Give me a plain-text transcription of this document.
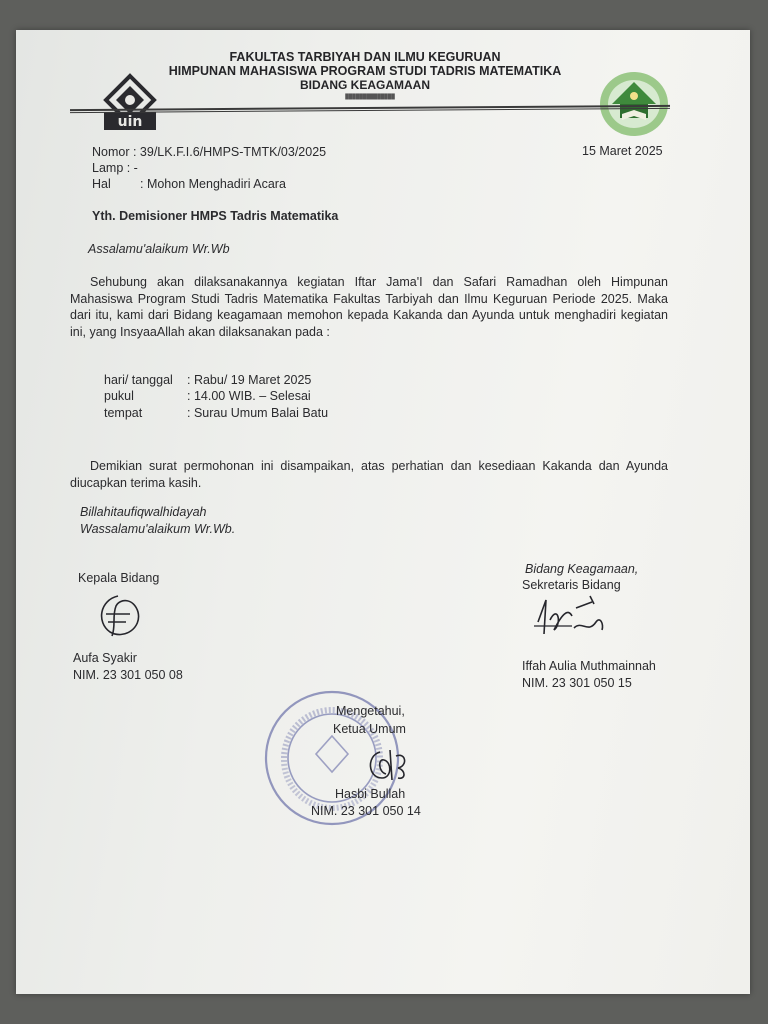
uin
FAKULTAS TARBIYAH DAN ILMU KEGURUAN
HIMPUNAN MAHASISWA PROGRAM STUDI TADRIS MATEMATIKA
BIDANG KEAGAMAAN
██████████████
Nomor : 39/LK.F.I.6/HMPS-TMTK/03/2025	15 Maret 2025
Lamp : -
Hal : Mohon Menghadiri Acara
Yth. Demisioner HMPS Tadris Matematika
Assalamu'alaikum Wr.Wb
Sehubung akan dilaksanakannya kegiatan Iftar Jama'I dan Safari Ramadhan oleh Himpunan Mahasiswa Program Studi Tadris Matematika Fakultas Tarbiyah dan Ilmu Keguruan Periode 2025. Maka dari itu, kami dari Bidang keagamaan memohon kepada Kakanda dan Ayunda untuk menghadiri kegiatan ini, yang InsyaaAllah akan dilaksanakan pada :
hari/ tanggal : Rabu/ 19 Maret 2025
pukul	: 14.00 WIB. – Selesai
tempat	: Surau Umum Balai Batu
Demikian surat permohonan ini disampaikan, atas perhatian dan kesediaan Kakanda dan Ayunda diucapkan terima kasih.
Billahitaufiqwalhidayah
Wassalamu'alaikum Wr.Wb.
Kepala Bidang
Aufa Syakir
NIM. 23 301 050 08
Bidang Keagamaan,
Sekretaris Bidang
Iffah Aulia Muthmainnah
NIM. 23 301 050 15
Mengetahui,
Ketua Umum
Hasbi Bullah
NIM. 23 301 050 14
